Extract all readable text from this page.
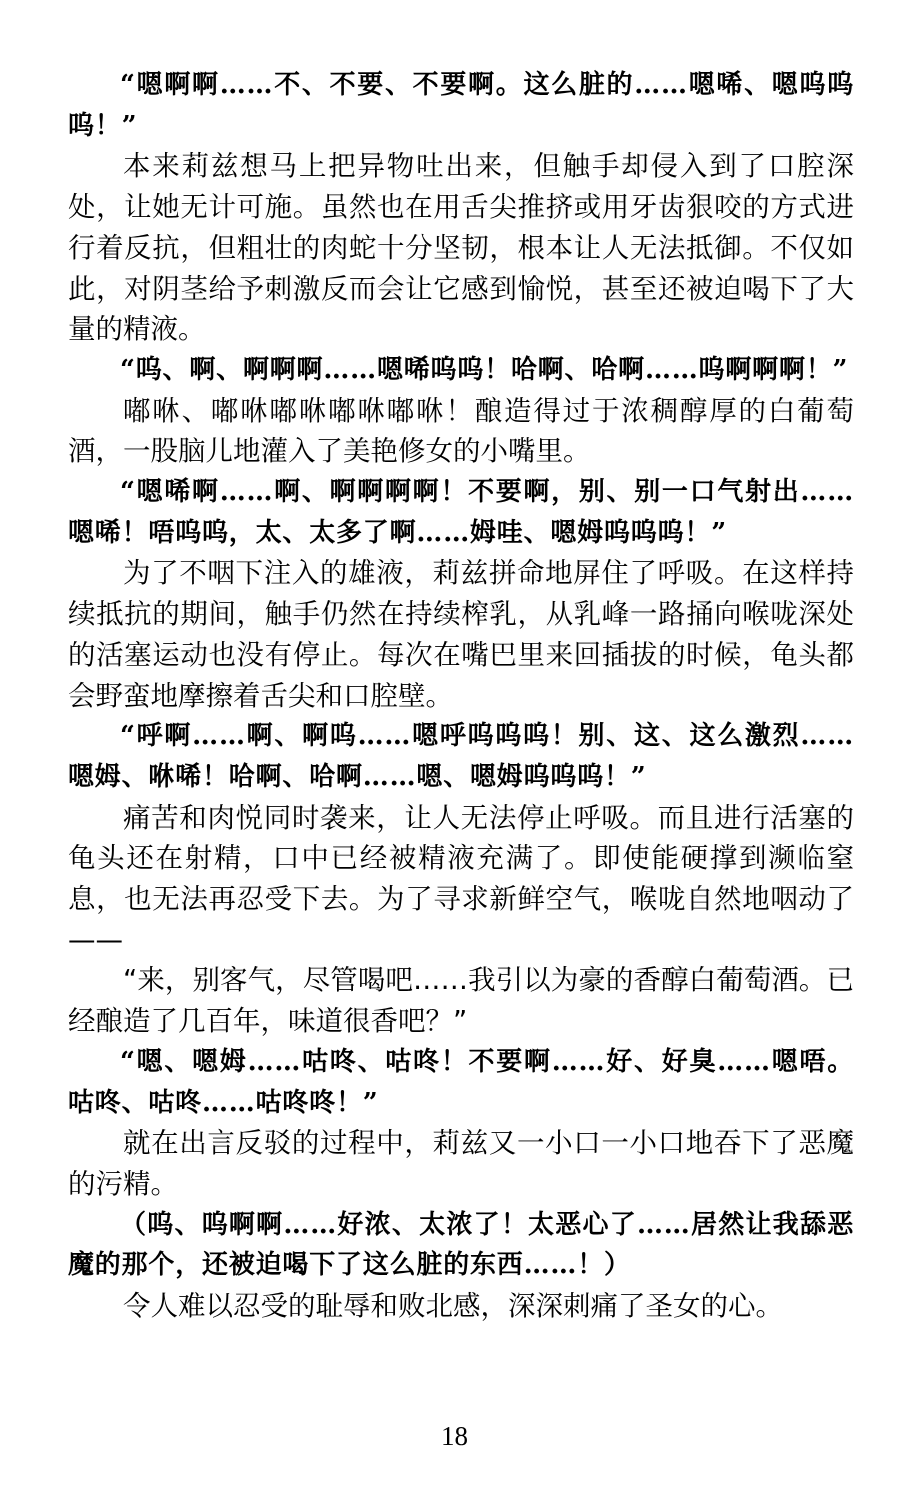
“嗯啊啊……不、不要、不要啊。这么脏的……嗯唏、嗯呜呜呜！”

本来莉兹想马上把异物吐出来，但触手却侵入到了口腔深处，让她无计可施。虽然也在用舌尖推挤或用牙齿狠咬的方式进行着反抗，但粗壮的肉蛇十分坚韧，根本让人无法抵御。不仅如此，对阴茎给予刺激反而会让它感到愉悦，甚至还被迫喝下了大量的精液。

“呜、啊、啊啊啊……嗯唏呜呜！哈啊、哈啊……呜啊啊啊！”

嘟咻、嘟咻嘟咻嘟咻嘟咻！酿造得过于浓稠醇厚的白葡萄酒，一股脑儿地灌入了美艳修女的小嘴里。

“嗯唏啊……啊、啊啊啊啊！不要啊，别、别一口气射出……嗯唏！唔呜呜，太、太多了啊……姆哇、嗯姆呜呜呜！”

为了不咽下注入的雄液，莉兹拼命地屏住了呼吸。在这样持续抵抗的期间，触手仍然在持续榨乳，从乳峰一路捅向喉咙深处的活塞运动也没有停止。每次在嘴巴里来回插拔的时候，龟头都会野蛮地摩擦着舌尖和口腔壁。

“呼啊……啊、啊呜……嗯呼呜呜呜！别、这、这么激烈……嗯姆、咻唏！哈啊、哈啊……嗯、嗯姆呜呜呜！”

痛苦和肉悦同时袭来，让人无法停止呼吸。而且进行活塞的龟头还在射精，口中已经被精液充满了。即使能硬撑到濒临窒息，也无法再忍受下去。为了寻求新鲜空气，喉咙自然地咽动了——

“来，别客气，尽管喝吧……我引以为豪的香醇白葡萄酒。已经酿造了几百年，味道很香吧？”

“嗯、嗯姆……咕咚、咕咚！不要啊……好、好臭……嗯唔。咕咚、咕咚……咕咚咚！”

就在出言反驳的过程中，莉兹又一小口一小口地吞下了恶魔的污精。

（呜、呜啊啊……好浓、太浓了！太恶心了……居然让我舔恶魔的那个，还被迫喝下了这么脏的东西……！）

令人难以忍受的耻辱和败北感，深深刺痛了圣女的心。

18
